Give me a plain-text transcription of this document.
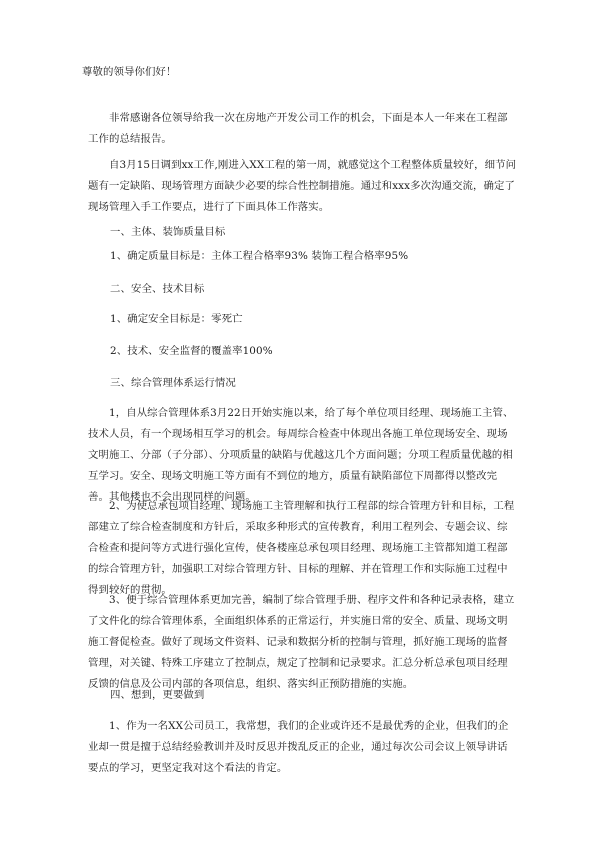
尊敬的领导你们好！

非常感谢各位领导给我一次在房地产开发公司工作的机会，下面是本人一年来在工程部工作的总结报告。

自3月15日调到xx工作,刚进入XX工程的第一周，就感觉这个工程整体质量较好，细节问题有一定缺陷、现场管理方面缺少必要的综合性控制措施。通过和xxx多次沟通交流，确定了现场管理入手工作要点，进行了下面具体工作落实。

一、主体、装饰质量目标

1、确定质量目标是：主体工程合格率93% 装饰工程合格率95%

二、安全、技术目标

1、确定安全目标是：零死亡

2、技术、安全监督的覆盖率100%

三、综合管理体系运行情况

1，自从综合管理体系3月22日开始实施以来，给了每个单位项目经理、现场施工主管、技术人员，有一个现场相互学习的机会。每周综合检查中体现出各施工单位现场安全、现场文明施工、分部（子分部）、分项质量的缺陷与优越这几个方面问题；分项工程质量优越的相互学习。安全、现场文明施工等方面有不到位的地方，质量有缺陷部位下周都得以整改完善。其他楼也不会出现同样的问题。

2、为使总承包项目经理、现场施工主管理解和执行工程部的综合管理方针和目标，工程部建立了综合检查制度和方针后，采取多种形式的宣传教育，利用工程列会、专题会议、综合检查和提问等方式进行强化宣传，使各楼座总承包项目经理、现场施工主管都知道工程部的综合管理方针，加强职工对综合管理方针、目标的理解、并在管理工作和实际施工过程中得到较好的贯彻。

3、便于综合管理体系更加完善，编制了综合管理手册、程序文件和各种记录表格，建立了文件化的综合管理体系，全面组织体系的正常运行，并实施日常的安全、质量、现场文明施工督促检查。做好了现场文件资料、记录和数据分析的控制与管理，抓好施工现场的监督管理，对关键、特殊工序建立了控制点，规定了控制和记录要求。汇总分析总承包项目经理反馈的信息及公司内部的各项信息，组织、落实纠正预防措施的实施。

四、想到，更要做到

1、作为一名XX公司员工，我常想，我们的企业或许还不是最优秀的企业，但我们的企业却一贯是擅于总结经验教训并及时反思并拨乱反正的企业，通过每次公司会议上领导讲话要点的学习，更坚定我对这个看法的肯定。
